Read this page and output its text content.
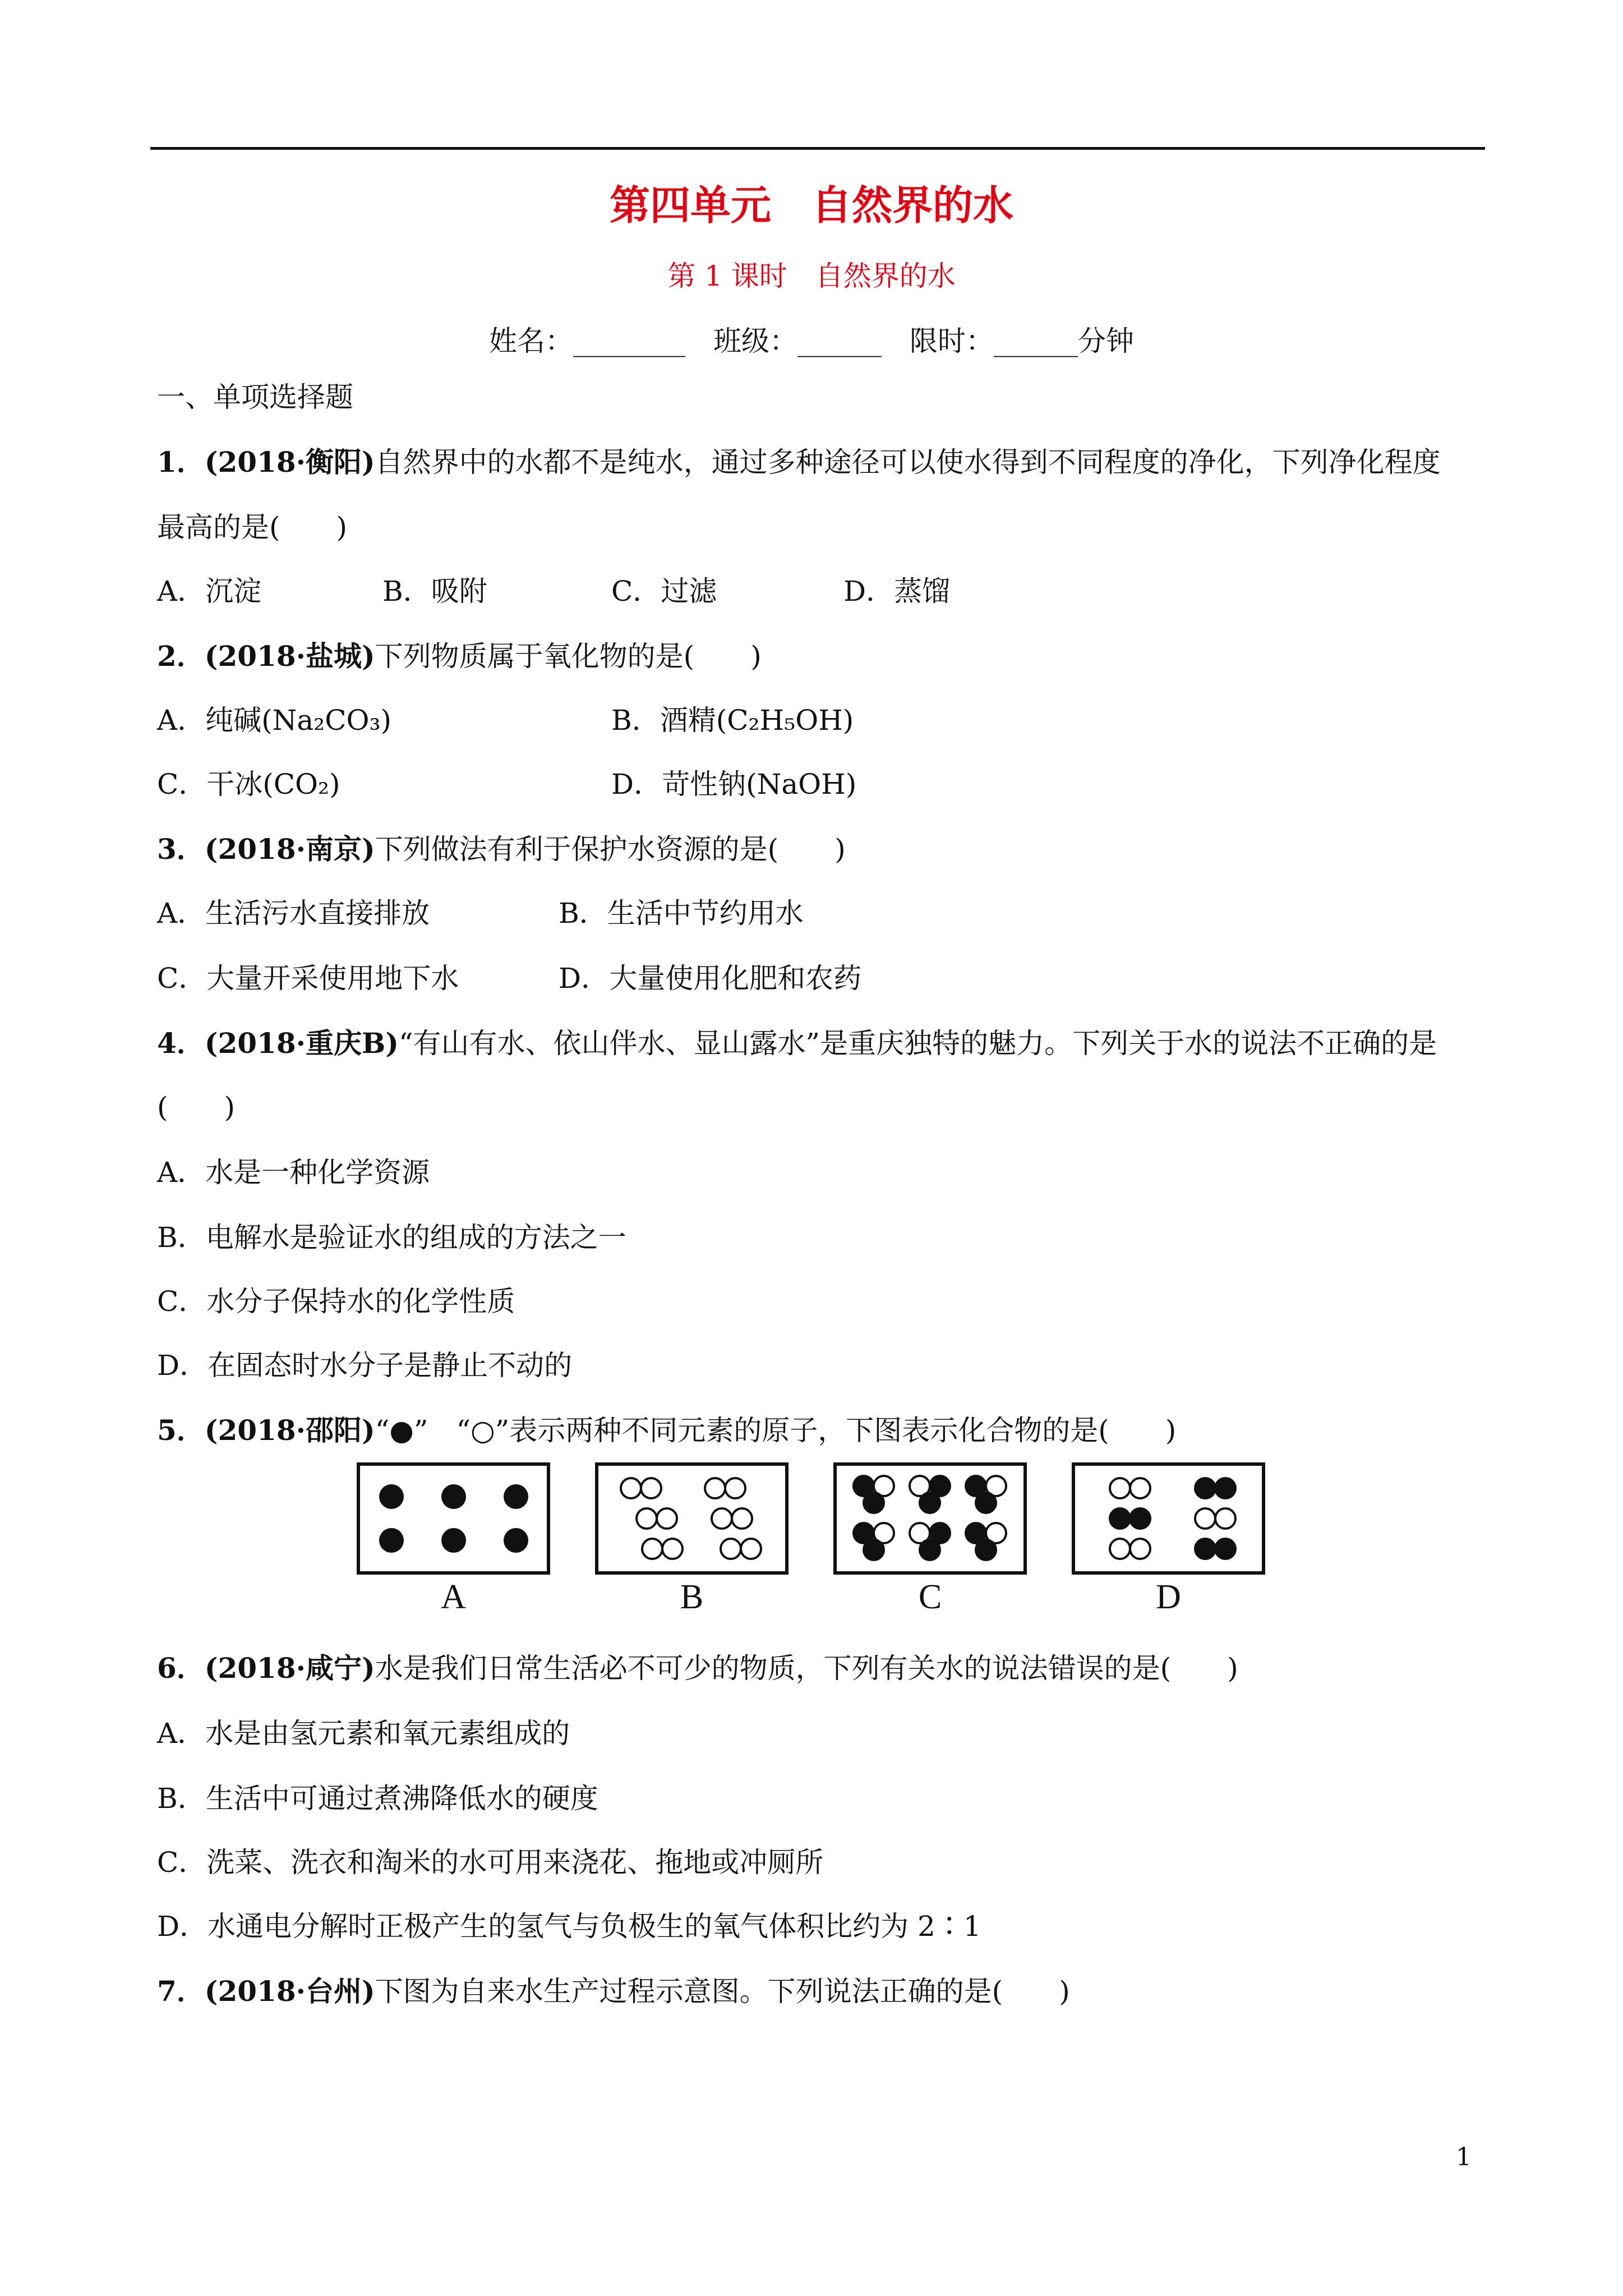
第四单元　自然界的水
第 1 课时　自然界的水
姓名：________　班级：______　限时：______分钟
一、单项选择题
1．(2018·衡阳)自然界中的水都不是纯水，通过多种途径可以使水得到不同程度的净化，下列净化程度
最高的是(　　)
A．沉淀	B．吸附	C．过滤	D．蒸馏
2．(2018·盐城)下列物质属于氧化物的是(　　)
A．纯碱(Na₂CO₃)	B．酒精(C₂H₅OH)
C．干冰(CO₂)	D．苛性钠(NaOH)
3．(2018·南京)下列做法有利于保护水资源的是(　　)
A．生活污水直接排放	B．生活中节约用水
C．大量开采使用地下水	D．大量使用化肥和农药
4．(2018·重庆B)“有山有水、依山伴水、显山露水”是重庆独特的魅力。下列关于水的说法不正确的是
(　　)
A．水是一种化学资源
B．电解水是验证水的组成的方法之一
C．水分子保持水的化学性质
D．在固态时水分子是静止不动的
5．(2018·邵阳)“●”　“○”表示两种不同元素的原子，下图表示化合物的是(　　)
A	B	C	D
6．(2018·咸宁)水是我们日常生活必不可少的物质，下列有关水的说法错误的是(　　)
A．水是由氢元素和氧元素组成的
B．生活中可通过煮沸降低水的硬度
C．洗菜、洗衣和淘米的水可用来浇花、拖地或冲厕所
D．水通电分解时正极产生的氢气与负极生的氧气体积比约为 2∶1
7．(2018·台州)下图为自来水生产过程示意图。下列说法正确的是(　　)
1
